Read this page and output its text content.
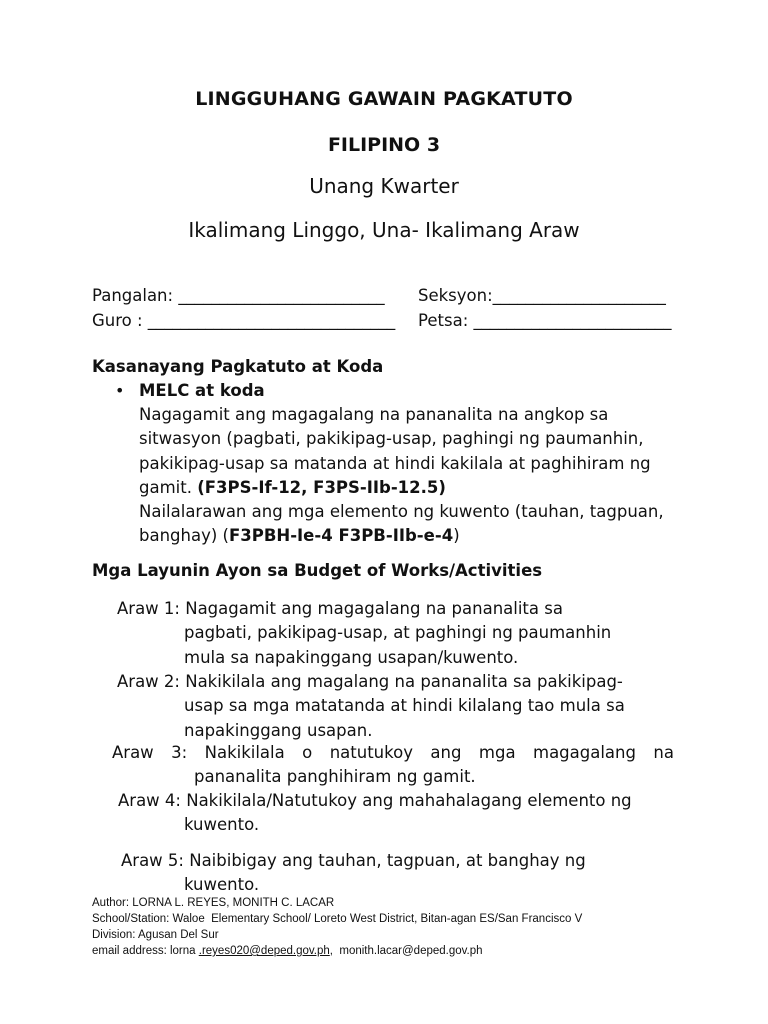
LINGGUHANG GAWAIN PAGKATUTO
FILIPINO 3
Unang Kwarter
Ikalimang Linggo, Una- Ikalimang Araw
Pangalan: _________________________ Seksyon:_____________________
Guro : ______________________________ Petsa: ________________________
Kasanayang Pagkatuto at Koda
• MELC at koda
Nagagamit ang magagalang na pananalita na angkop sa sitwasyon (pagbati, pakikipag-usap, paghingi ng paumanhin, pakikipag-usap sa matanda at hindi kakilala at paghihiram ng gamit. (F3PS-If-12, F3PS-IIb-12.5)
Nailalarawan ang mga elemento ng kuwento (tauhan, tagpuan, banghay) (F3PBH-Ie-4 F3PB-IIb-e-4)
Mga Layunin Ayon sa Budget of Works/Activities
Araw 1: Nagagamit ang magagalang na pananalita sa
pagbati, pakikipag-usap, at paghingi ng paumanhin
mula sa napakinggang usapan/kuwento.
Araw 2: Nakikilala ang magalang na pananalita sa pakikipag-
usap sa mga matatanda at hindi kilalang tao mula sa
napakinggang usapan.
Araw 3: Nakikilala o natutukoy ang mga magagalang na
pananalita panghihiram ng gamit.
Araw 4: Nakikilala/Natutukoy ang mahahalagang elemento ng
kuwento.
Araw 5: Naibibigay ang tauhan, tagpuan, at banghay ng
kuwento.
Author: LORNA L. REYES, MONITH C. LACAR
School/Station: Waloe  Elementary School/ Loreto West District, Bitan-agan ES/San Francisco V
Division: Agusan Del Sur
email address: lorna .reyes020@deped.gov.ph,  monith.lacar@deped.gov.ph
